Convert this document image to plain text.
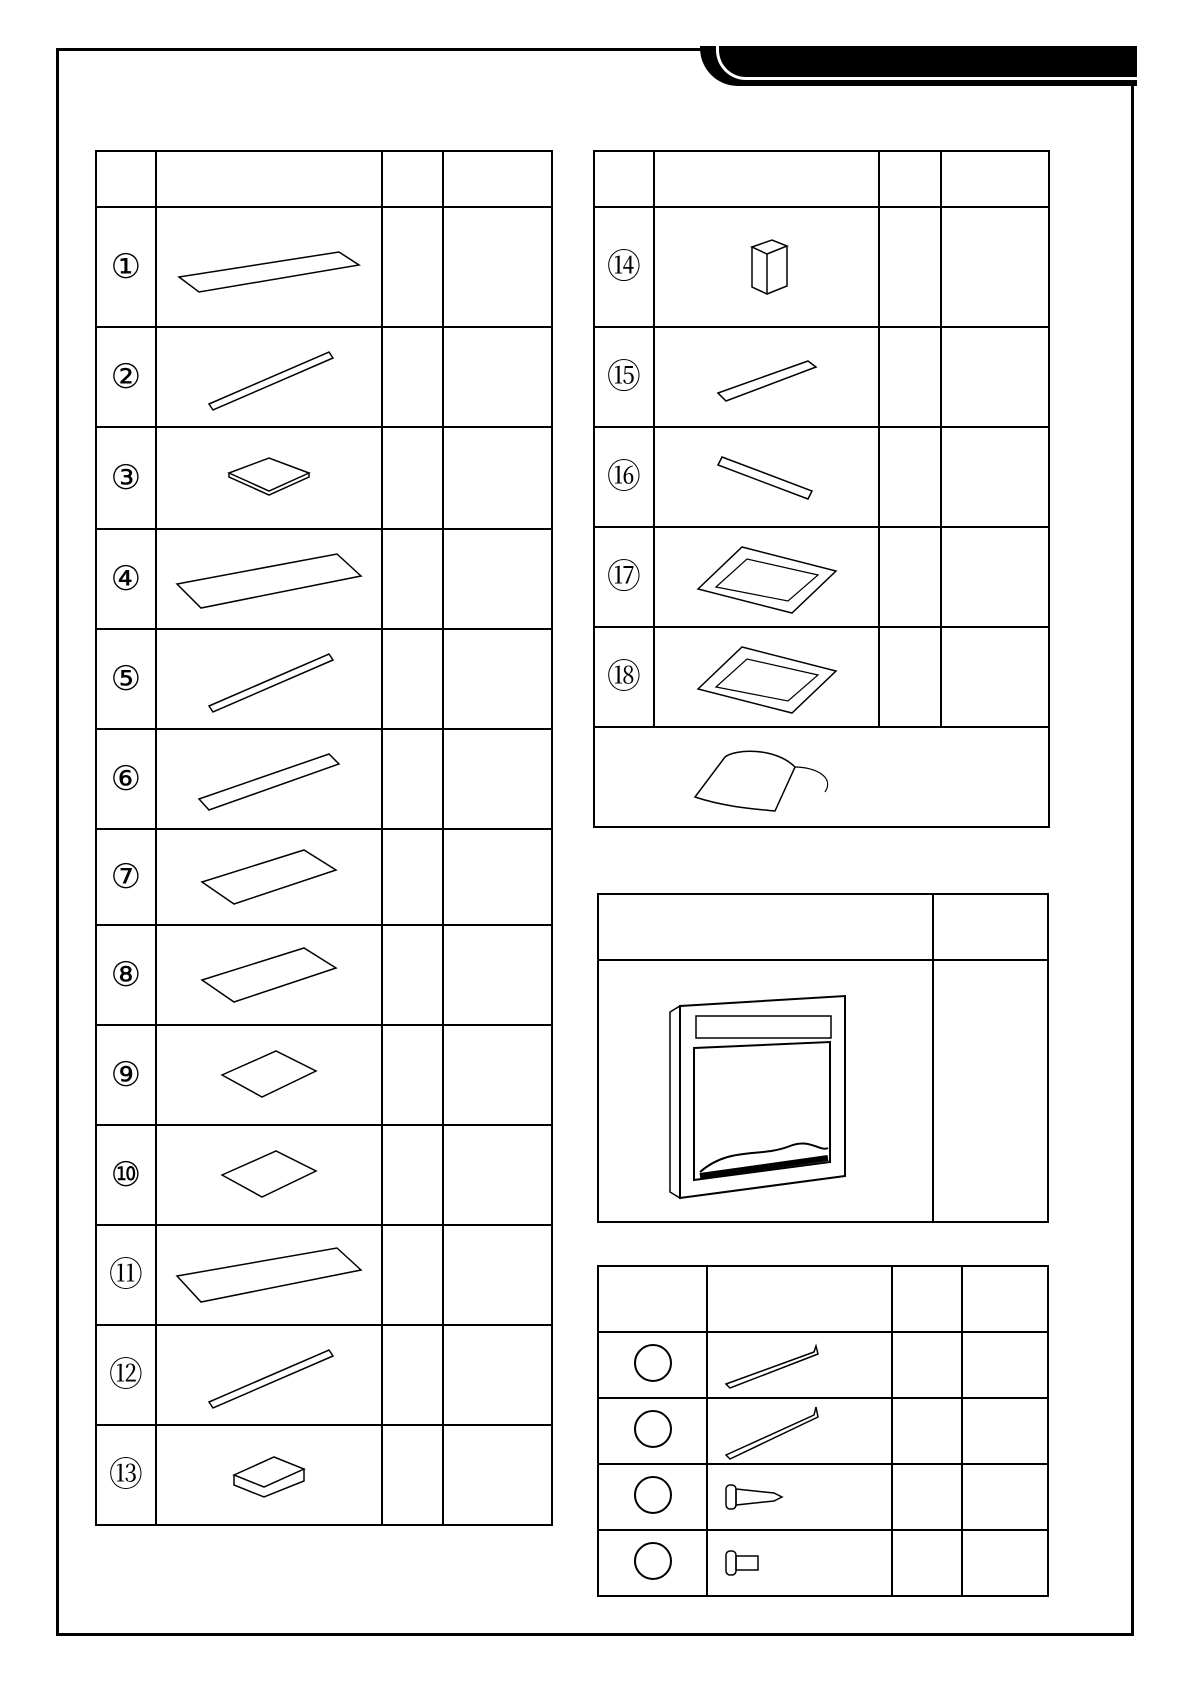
①	

②	

③	

④	

⑤	

⑥	

⑦	

⑧	

⑨	

⑩	

⑪	

⑫	

⑬	

⑭	

⑮	

⑯	

⑰	

⑱	
